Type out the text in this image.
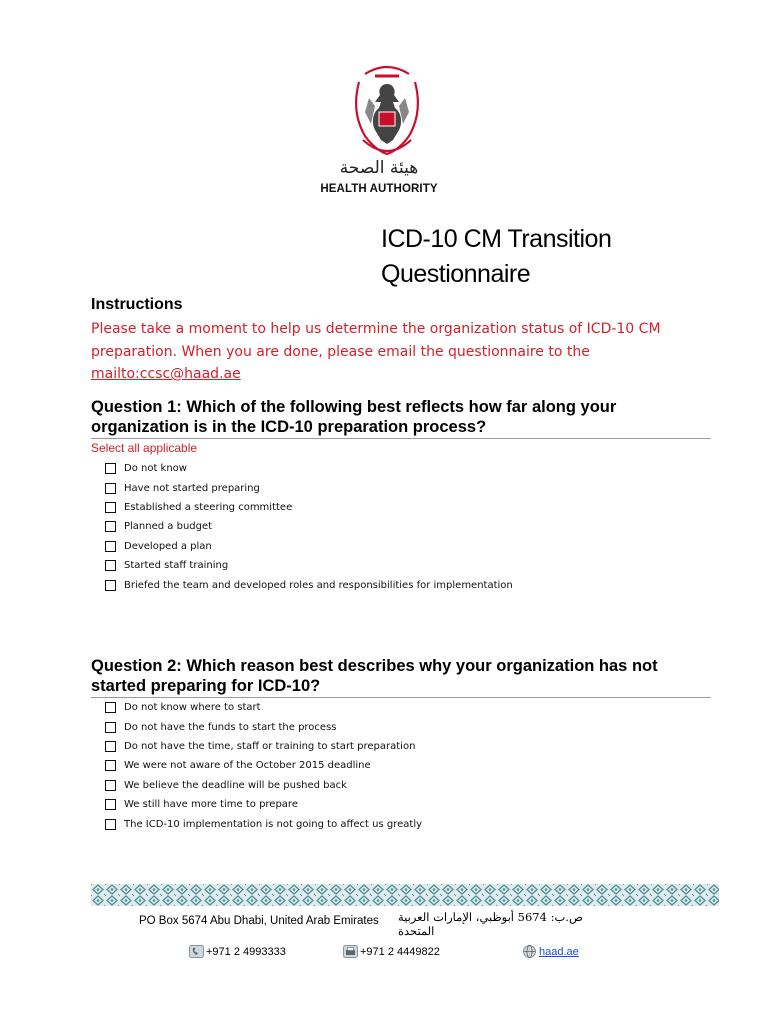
هيئة الصحة
HEALTH AUTHORITY
ICD-10 CM Transition
Questionnaire
Instructions

Please take a moment to help us determine the organization status of ICD-10 CM preparation. When you are done, please email the questionnaire to the
mailto:ccsc@haad.ae

Question 1: Which of the following best reflects how far along your organization is in the ICD-10 preparation process?

Select all applicable

Do not know
Have not started preparing
Established a steering committee
Planned a budget
Developed a plan
Started staff training
Briefed the team and developed roles and responsibilities for implementation
Question 2: Which reason best describes why your organization has not started preparing for ICD-10?
Do not know where to start
Do not have the funds to start the process
Do not have the time, staff or training to start preparation
We were not aware of the October 2015 deadline
We believe the deadline will be pushed back
We still have more time to prepare
The ICD-10 implementation is not going to affect us greatly
PO Box 5674 Abu Dhabi, United Arab Emirates ص.ب: 5674 أبوظبي، الإمارات العربية المتحدة
+971 2 4993333	+971 2 4449822	haad.ae
